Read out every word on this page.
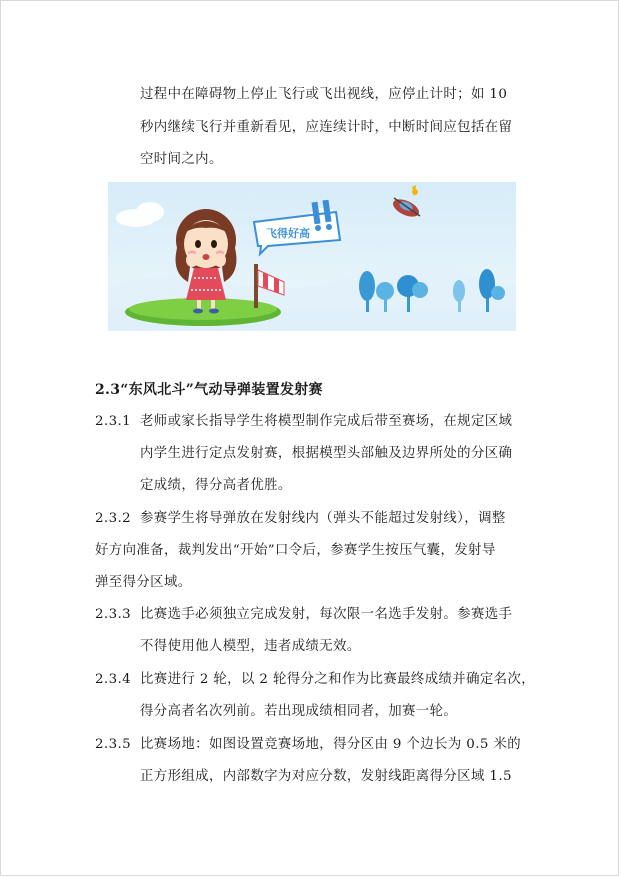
过程中在障碍物上停止飞行或飞出视线，应停止计时；如 10
秒内继续飞行并重新看见，应连续计时，中断时间应包括在留
空时间之内。
飞得好高
2.3“东风北斗”气动导弹装置发射赛
2.3.1 老师或家长指导学生将模型制作完成后带至赛场，在规定区域
内学生进行定点发射赛，根据模型头部触及边界所处的分区确
定成绩，得分高者优胜。
2.3.2 参赛学生将导弹放在发射线内（弹头不能超过发射线），调整
好方向准备，裁判发出“开始”口令后，参赛学生按压气囊，发射导
弹至得分区域。
2.3.3 比赛选手必须独立完成发射，每次限一名选手发射。参赛选手
不得使用他人模型，违者成绩无效。
2.3.4 比赛进行 2 轮，以 2 轮得分之和作为比赛最终成绩并确定名次，
得分高者名次列前。若出现成绩相同者，加赛一轮。
2.3.5 比赛场地：如图设置竞赛场地，得分区由 9 个边长为 0.5 米的
正方形组成，内部数字为对应分数，发射线距离得分区域 1.5
